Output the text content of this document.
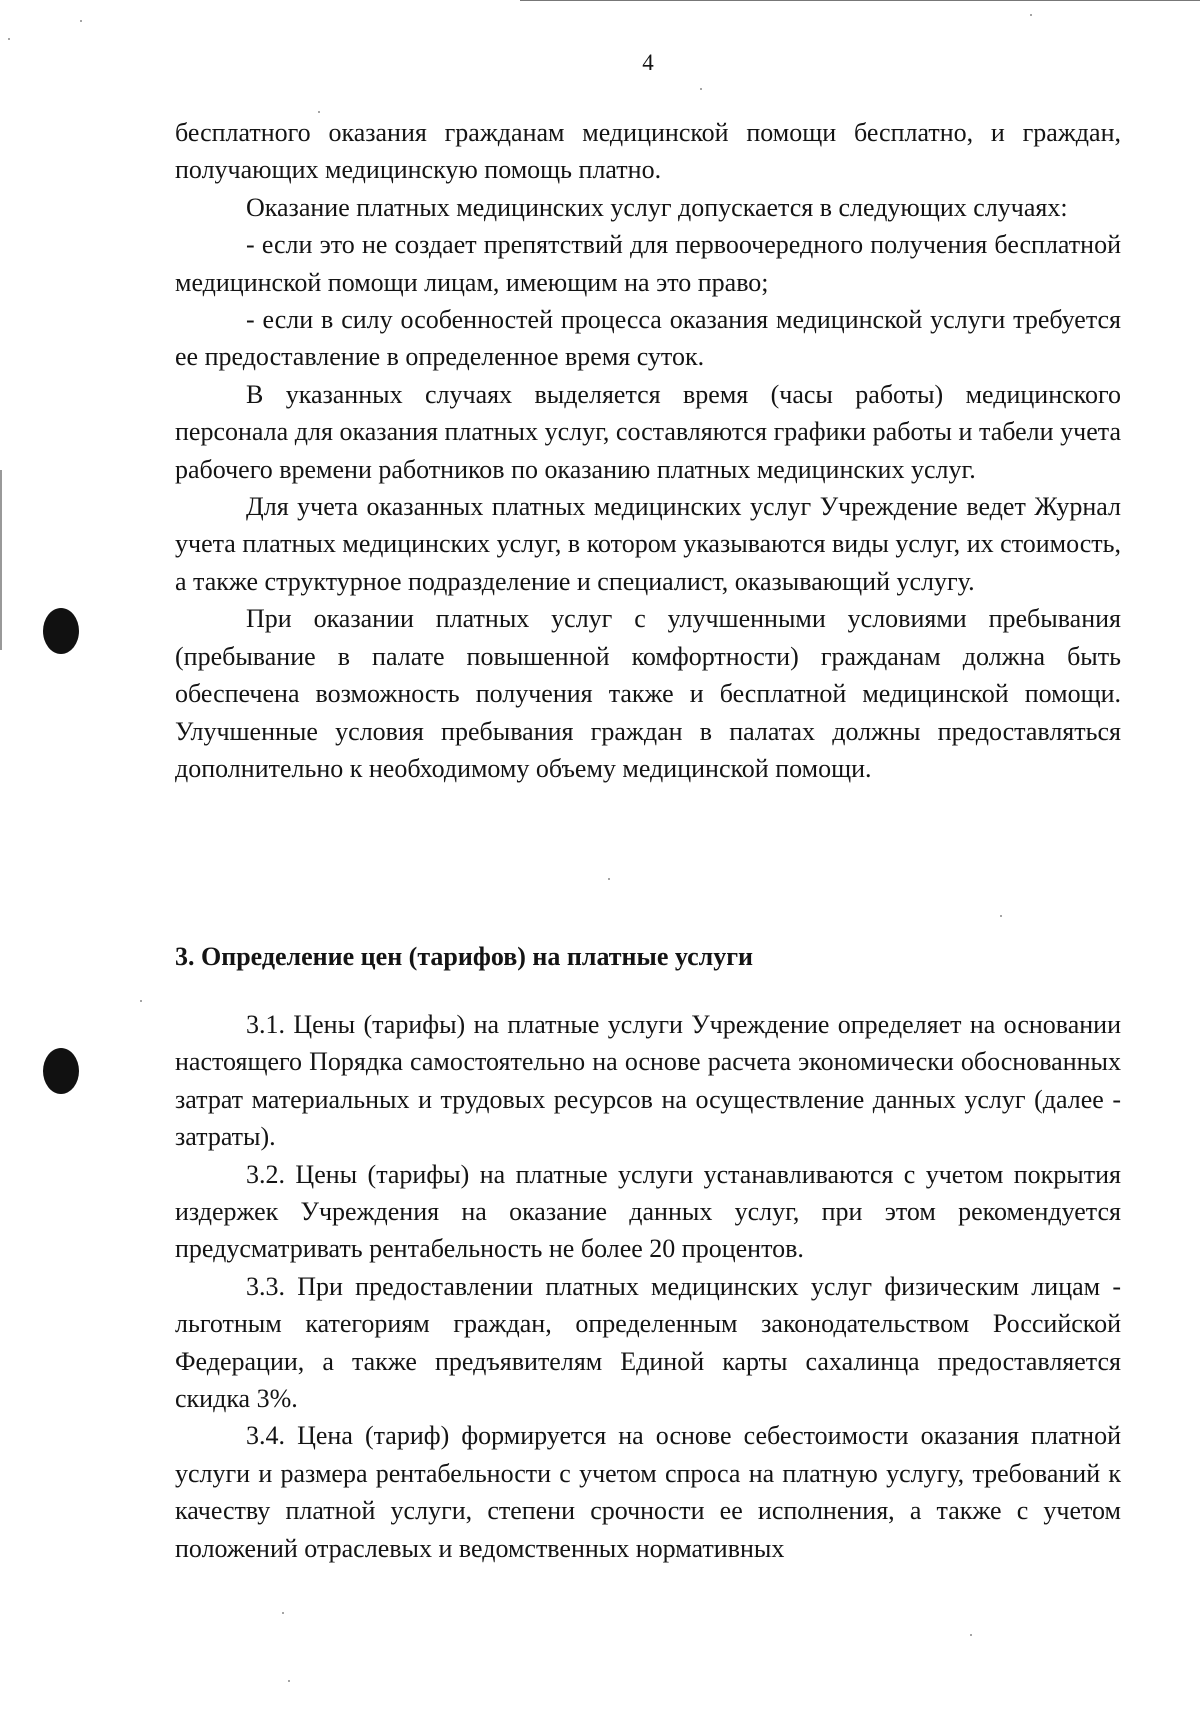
4

бесплатного оказания гражданам медицинской помощи бесплатно, и граждан, получающих медицинскую помощь платно.

Оказание платных медицинских услуг допускается в следующих случаях:

- если это не создает препятствий для первоочередного получения бесплатной медицинской помощи лицам, имеющим на это право;

- если в силу особенностей процесса оказания медицинской услуги требуется ее предоставление в определенное время суток.

В указанных случаях выделяется время (часы работы) медицинского персонала для оказания платных услуг, составляются графики работы и табели учета рабочего времени работников по оказанию платных медицинских услуг.

Для учета оказанных платных медицинских услуг Учреждение ведет Журнал учета платных медицинских услуг, в котором указываются виды услуг, их стоимость, а также структурное подразделение и специалист, оказывающий услугу.

При оказании платных услуг с улучшенными условиями пребывания (пребывание в палате повышенной комфортности) гражданам должна быть обеспечена возможность получения также и бесплатной медицинской помощи. Улучшенные условия пребывания граждан в палатах должны предоставляться дополнительно к необходимому объему медицинской помощи.

3. Определение цен (тарифов) на платные услуги

3.1. Цены (тарифы) на платные услуги Учреждение определяет на основании настоящего Порядка самостоятельно на основе расчета экономически обоснованных затрат материальных и трудовых ресурсов на осуществление данных услуг (далее - затраты).

3.2. Цены (тарифы) на платные услуги устанавливаются с учетом покрытия издержек Учреждения на оказание данных услуг, при этом рекомендуется предусматривать рентабельность не более 20 процентов.

3.3. При предоставлении платных медицинских услуг физическим лицам - льготным категориям граждан, определенным законодательством Российской Федерации, а также предъявителям Единой карты сахалинца предоставляется скидка 3%.

3.4. Цена (тариф) формируется на основе себестоимости оказания платной услуги и размера рентабельности с учетом спроса на платную услугу, требований к качеству платной услуги, степени срочности ее исполнения, а также с учетом положений отраслевых и ведомственных нормативных
